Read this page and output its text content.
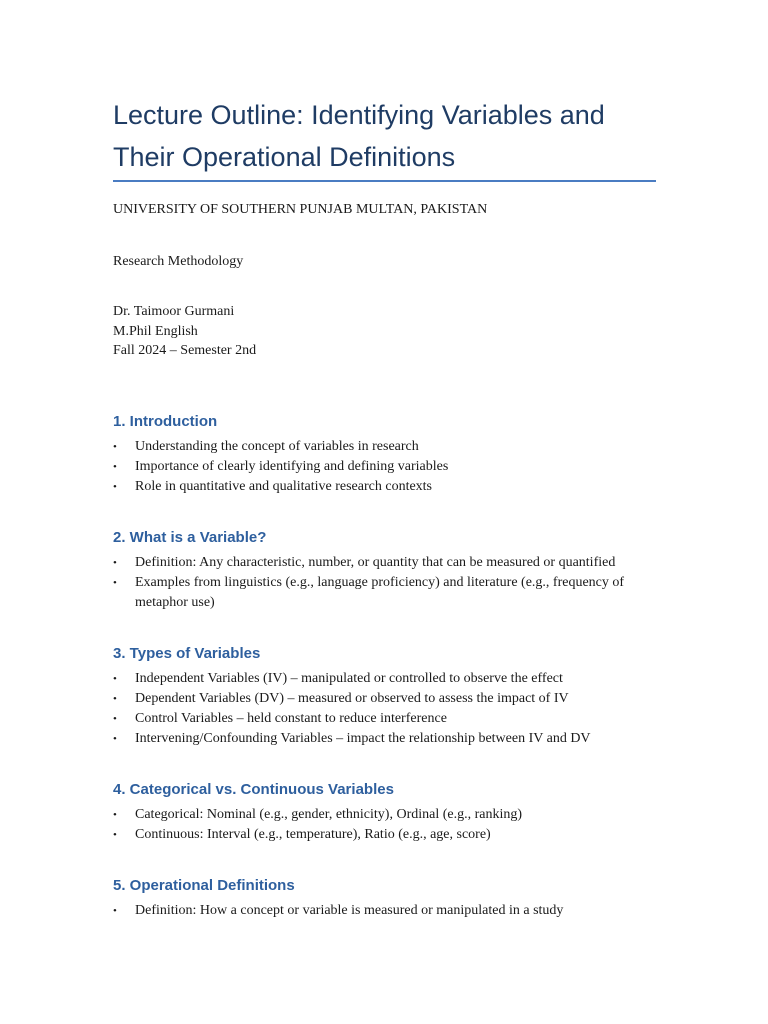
Lecture Outline: Identifying Variables and Their Operational Definitions

UNIVERSITY OF SOUTHERN PUNJAB MULTAN, PAKISTAN

Research Methodology

Dr. Taimoor Gurmani

M.Phil English

Fall 2024 – Semester 2nd

1. Introduction
• Understanding the concept of variables in research
• Importance of clearly identifying and defining variables
• Role in quantitative and qualitative research contexts
2. What is a Variable?
• Definition: Any characteristic, number, or quantity that can be measured or quantified
• Examples from linguistics (e.g., language proficiency) and literature (e.g., frequency of metaphor use)
3. Types of Variables
• Independent Variables (IV) – manipulated or controlled to observe the effect
• Dependent Variables (DV) – measured or observed to assess the impact of IV
• Control Variables – held constant to reduce interference
• Intervening/Confounding Variables – impact the relationship between IV and DV
4. Categorical vs. Continuous Variables
• Categorical: Nominal (e.g., gender, ethnicity), Ordinal (e.g., ranking)
• Continuous: Interval (e.g., temperature), Ratio (e.g., age, score)
5. Operational Definitions
• Definition: How a concept or variable is measured or manipulated in a study
